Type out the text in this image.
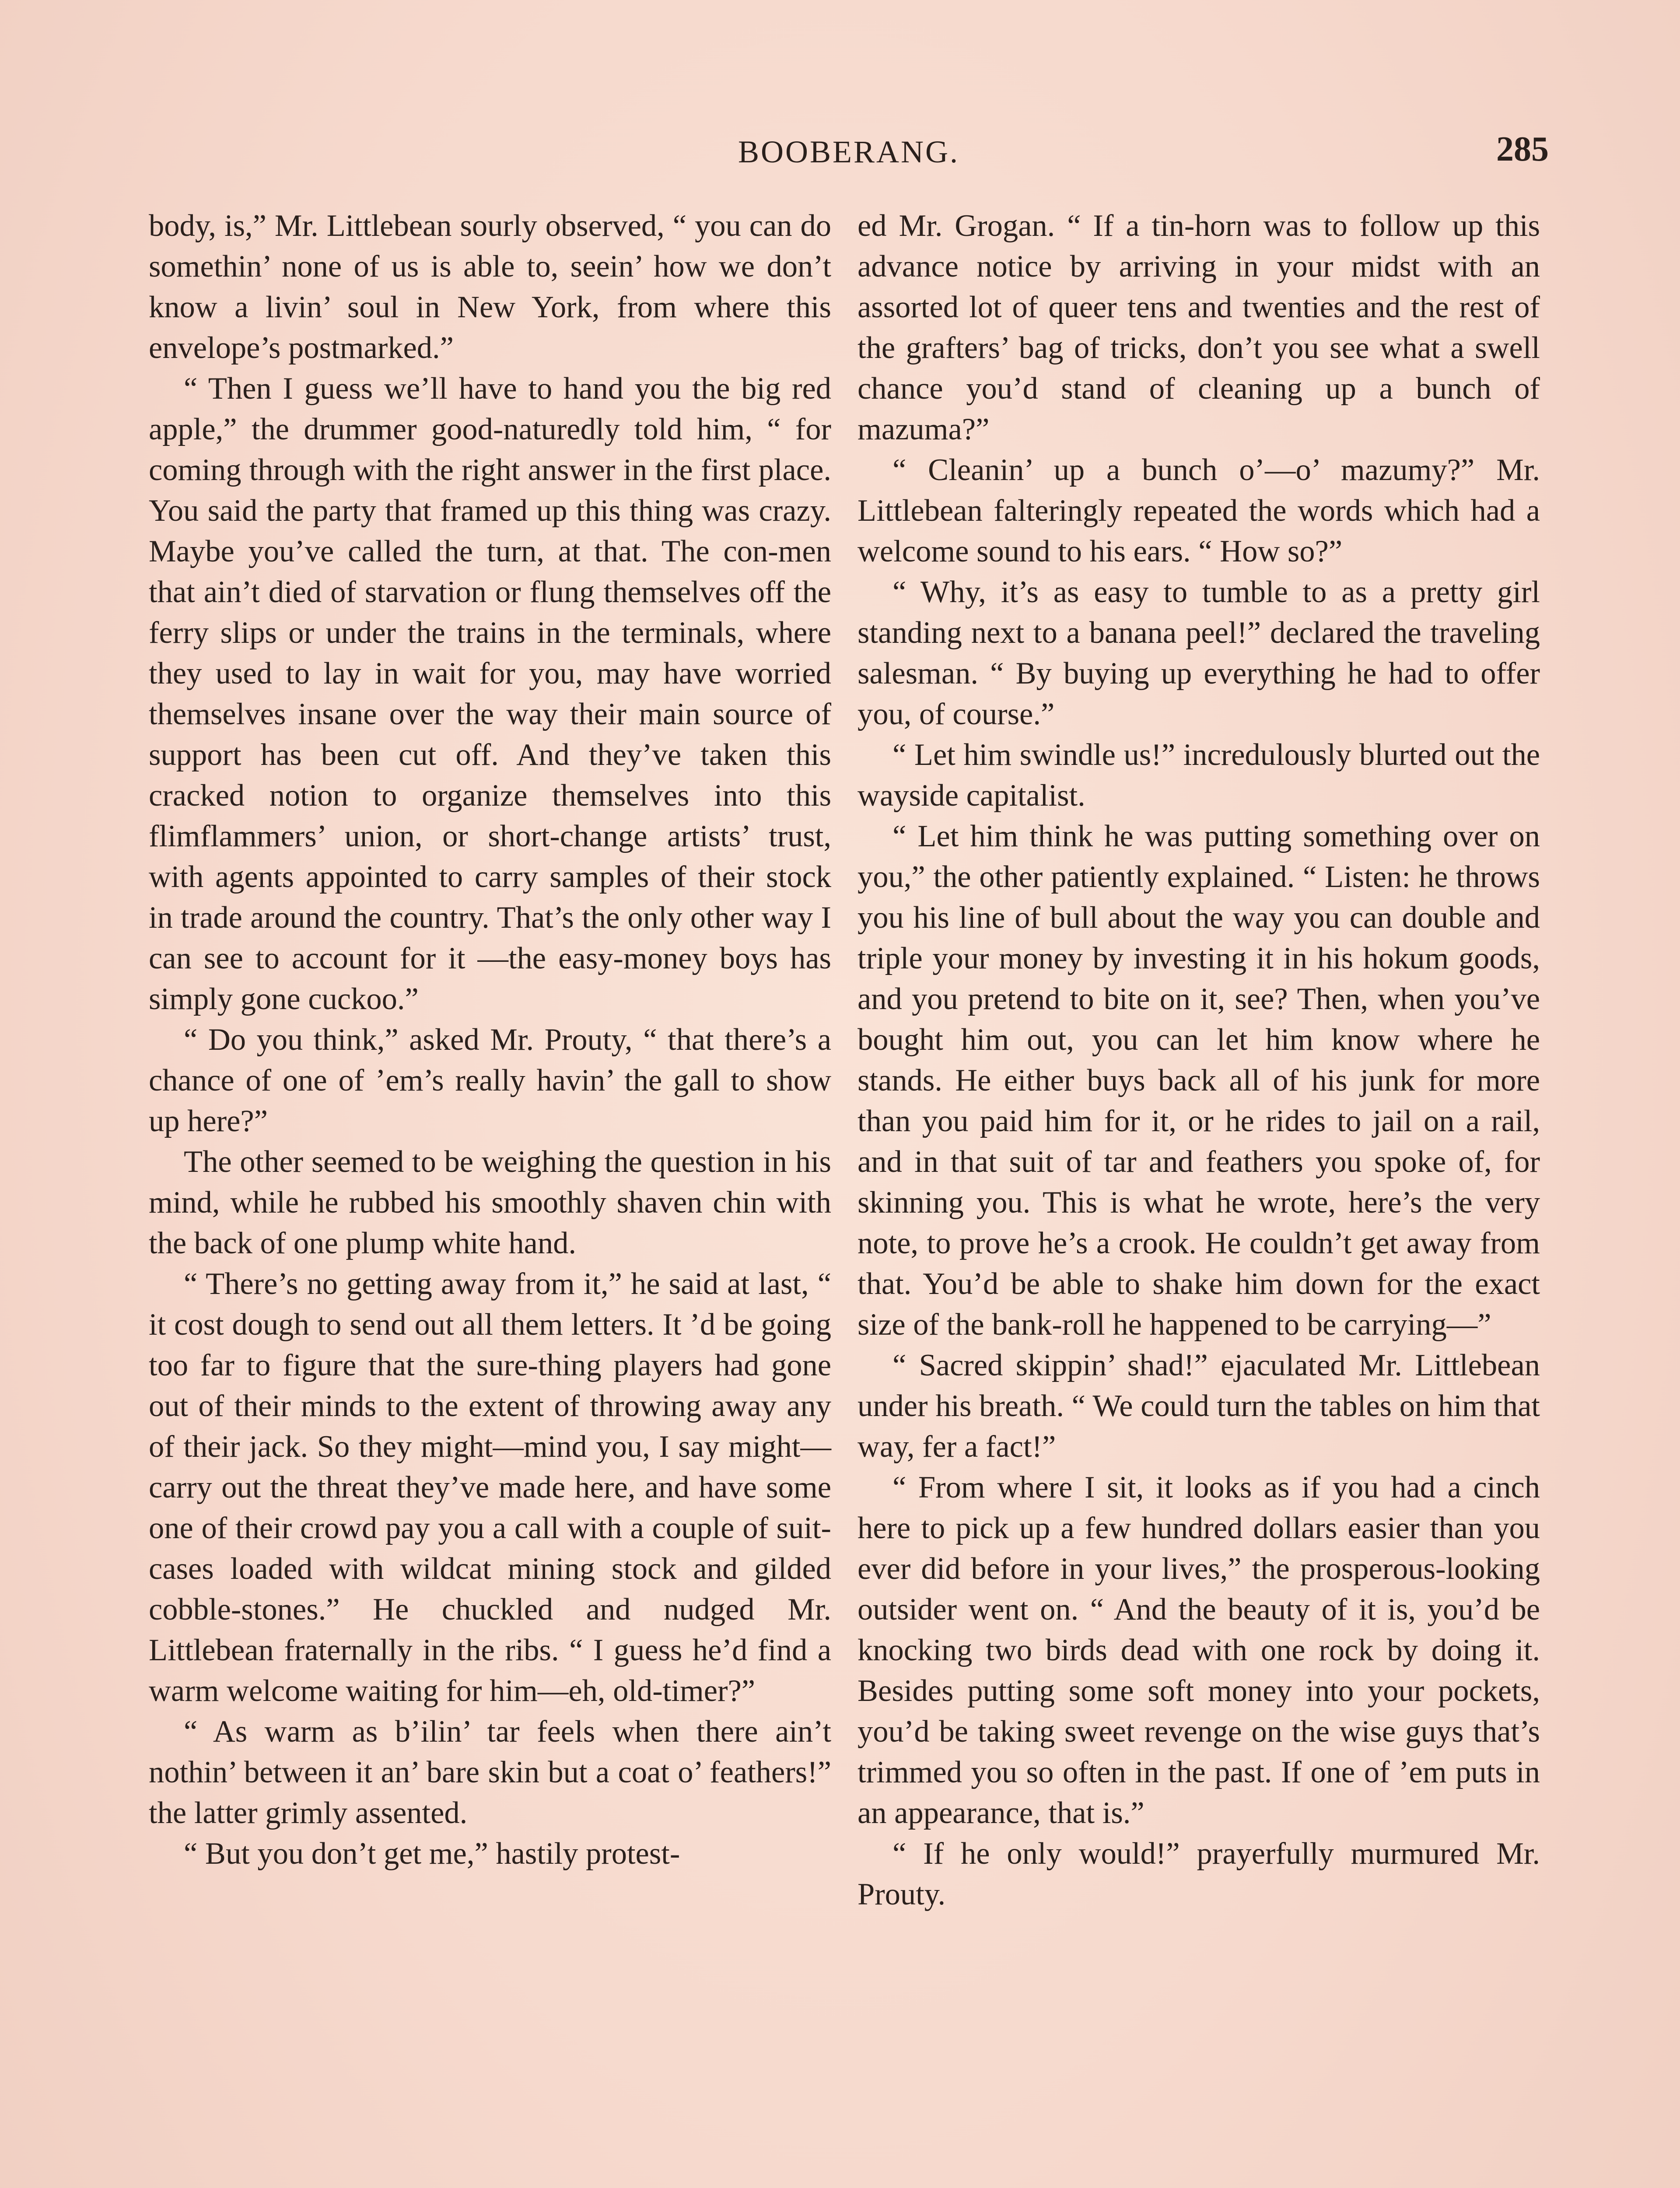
BOOBERANG.	285

body, is,” Mr. Littlebean sourly observed, “ you can do somethin’ none of us is able to, seein’ how we don’t know a livin’ soul in New York, from where this envelope’s postmarked.”

“ Then I guess we’ll have to hand you the big red apple,” the drummer good-naturedly told him, “ for coming through with the right answer in the first place. You said the party that framed up this thing was crazy. Maybe you’ve called the turn, at that. The con-men that ain’t died of starvation or flung themselves off the ferry slips or under the trains in the terminals, where they used to lay in wait for you, may have worried themselves insane over the way their main source of support has been cut off. And they’ve taken this cracked notion to organize themselves into this flimflammers’ union, or short-change artists’ trust, with agents appointed to carry samples of their stock in trade around the country. That’s the only other way I can see to account for it —the easy-money boys has simply gone cuckoo.”

“ Do you think,” asked Mr. Prouty, “ that there’s a chance of one of ’em’s really havin’ the gall to show up here?”

The other seemed to be weighing the question in his mind, while he rubbed his smoothly shaven chin with the back of one plump white hand.

“ There’s no getting away from it,” he said at last, “ it cost dough to send out all them letters. It ’d be going too far to figure that the sure-thing players had gone out of their minds to the extent of throwing away any of their jack. So they might—mind you, I say might—carry out the threat they’ve made here, and have some one of their crowd pay you a call with a couple of suit-cases loaded with wildcat mining stock and gilded cobble-stones.” He chuckled and nudged Mr. Littlebean fraternally in the ribs. “ I guess he’d find a warm welcome waiting for him—eh, old-timer?”

“ As warm as b’ilin’ tar feels when there ain’t nothin’ between it an’ bare skin but a coat o’ feathers!” the latter grimly assented.

“ But you don’t get me,” hastily protest-

ed Mr. Grogan. “ If a tin-horn was to follow up this advance notice by arriving in your midst with an assorted lot of queer tens and twenties and the rest of the grafters’ bag of tricks, don’t you see what a swell chance you’d stand of cleaning up a bunch of mazuma?”

“ Cleanin’ up a bunch o’—o’ mazumy?” Mr. Littlebean falteringly repeated the words which had a welcome sound to his ears. “ How so?”

“ Why, it’s as easy to tumble to as a pretty girl standing next to a banana peel!” declared the traveling salesman. “ By buying up everything he had to offer you, of course.”

“ Let him swindle us!” incredulously blurted out the wayside capitalist.

“ Let him think he was putting something over on you,” the other patiently explained. “ Listen: he throws you his line of bull about the way you can double and triple your money by investing it in his hokum goods, and you pretend to bite on it, see? Then, when you’ve bought him out, you can let him know where he stands. He either buys back all of his junk for more than you paid him for it, or he rides to jail on a rail, and in that suit of tar and feathers you spoke of, for skinning you. This is what he wrote, here’s the very note, to prove he’s a crook. He couldn’t get away from that. You’d be able to shake him down for the exact size of the bank-roll he happened to be carrying—”

“ Sacred skippin’ shad!” ejaculated Mr. Littlebean under his breath. “ We could turn the tables on him that way, fer a fact!”

“ From where I sit, it looks as if you had a cinch here to pick up a few hundred dollars easier than you ever did before in your lives,” the prosperous-looking outsider went on. “ And the beauty of it is, you’d be knocking two birds dead with one rock by doing it. Besides putting some soft money into your pockets, you’d be taking sweet revenge on the wise guys that’s trimmed you so often in the past. If one of ’em puts in an appearance, that is.”

“ If he only would!” prayerfully murmured Mr. Prouty.
